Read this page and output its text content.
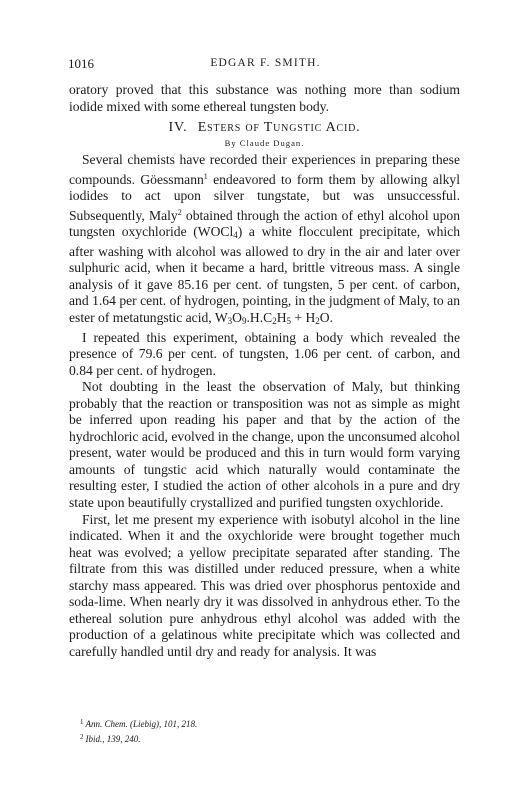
1016	EDGAR F. SMITH.

oratory proved that this substance was nothing more than sodium iodide mixed with some ethereal tungsten body.

IV. Esters of Tungstic Acid.

By Claude Dugan.

Several chemists have recorded their experiences in preparing these compounds. Göessmann$^1$ endeavored to form them by allowing alkyl iodides to act upon silver tungstate, but was unsuccessful. Subsequently, Maly$^2$ obtained through the action of ethyl alcohol upon tungsten oxychloride (WOCl$_4$) a white flocculent precipitate, which after washing with alcohol was allowed to dry in the air and later over sulphuric acid, when it became a hard, brittle vitreous mass. A single analysis of it gave 85.16 per cent. of tungsten, 5 per cent. of carbon, and 1.64 per cent. of hydrogen, pointing, in the judgment of Maly, to an ester of metatungstic acid, $W_3O_9.H.C_2H_5 + H_2O$.

I repeated this experiment, obtaining a body which revealed the presence of 79.6 per cent. of tungsten, 1.06 per cent. of carbon, and 0.84 per cent. of hydrogen.

Not doubting in the least the observation of Maly, but thinking probably that the reaction or transposition was not as simple as might be inferred upon reading his paper and that by the action of the hydrochloric acid, evolved in the change, upon the unconsumed alcohol present, water would be produced and this in turn would form varying amounts of tungstic acid which naturally would contaminate the resulting ester, I studied the action of other alcohols in a pure and dry state upon beautifully crystallized and purified tungsten oxychloride.

First, let me present my experience with isobutyl alcohol in the line indicated. When it and the oxychloride were brought together much heat was evolved; a yellow precipitate separated after standing. The filtrate from this was distilled under reduced pressure, when a white starchy mass appeared. This was dried over phosphorus pentoxide and soda-lime. When nearly dry it was dissolved in anhydrous ether. To the ethereal solution pure anhydrous ethyl alcohol was added with the production of a gelatinous white precipitate which was collected and carefully handled until dry and ready for analysis. It was

$^1$ Ann. Chem. (Liebig), 101, 218.

$^2$ Ibid., 139, 240.
